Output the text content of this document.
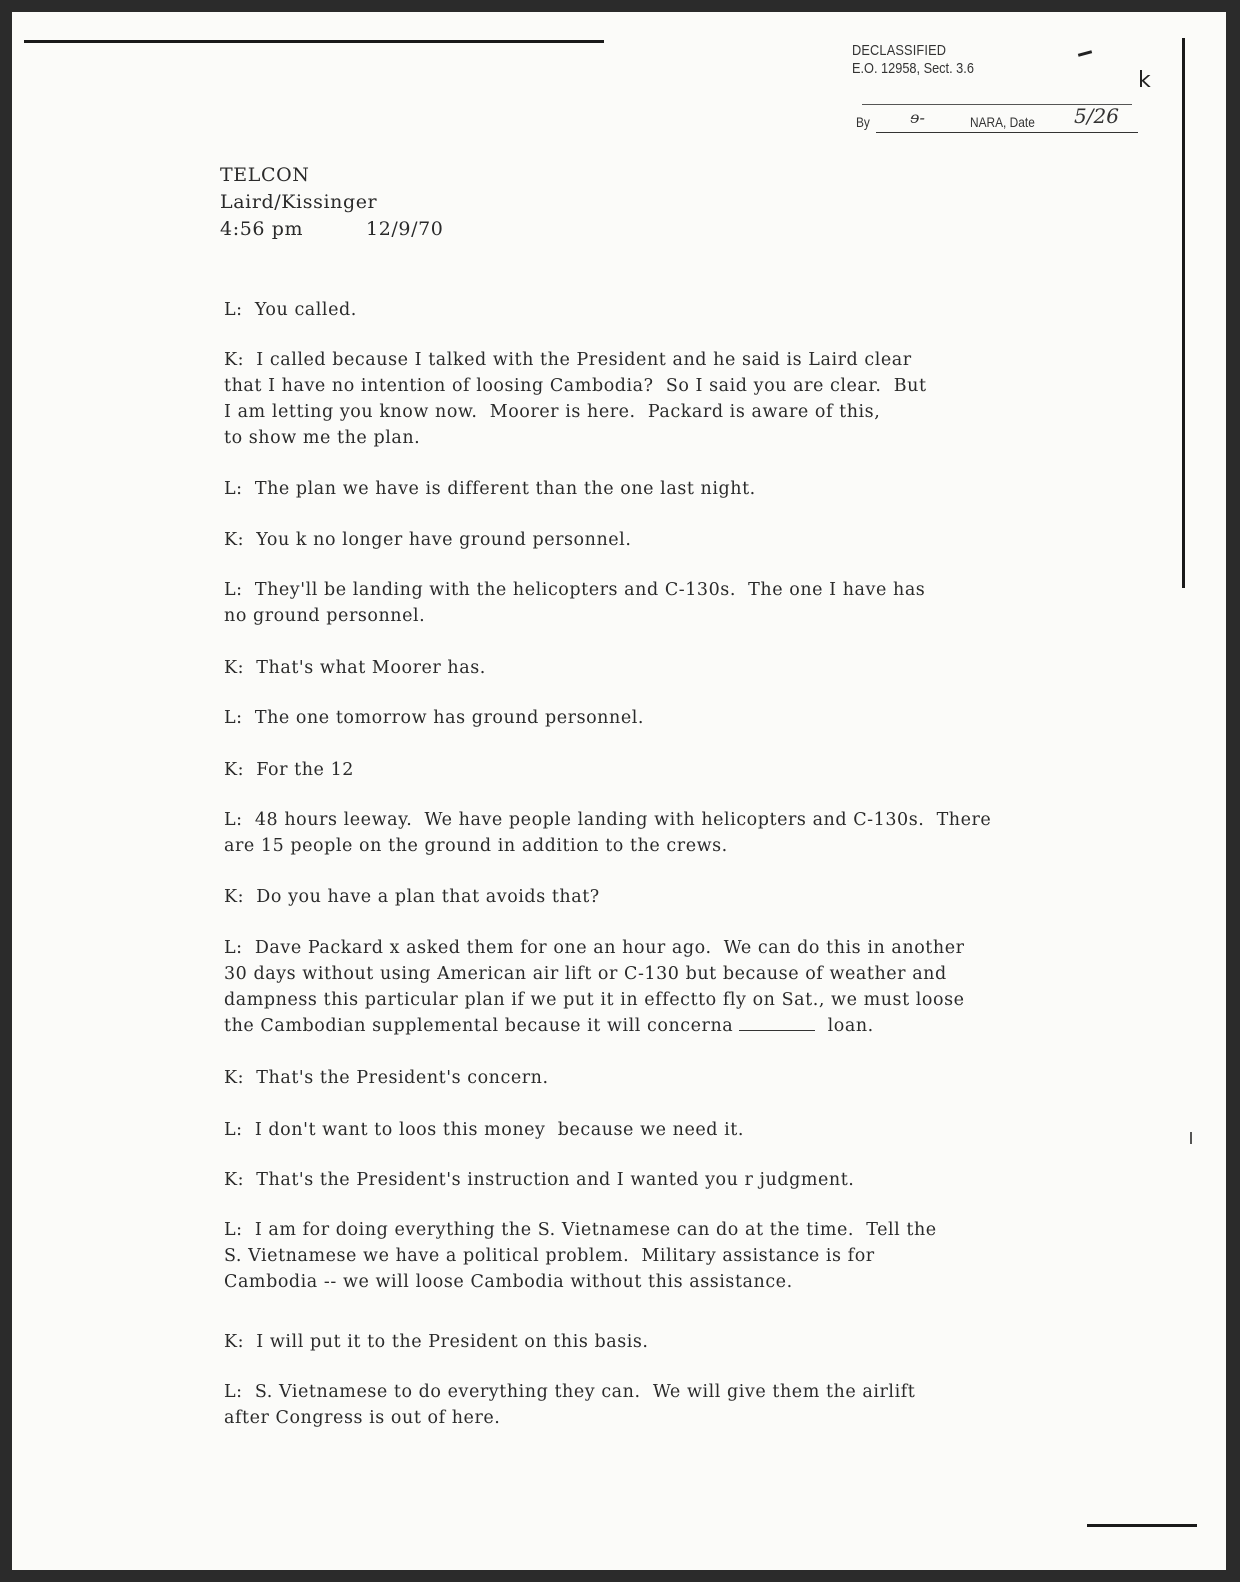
DECLASSIFIED
E.O. 12958, Sect. 3.6
By	ɘ‐	NARA, Date 5/26
k
TELCON
Laird/Kissinger
4:56 pm	12/9/70
L:  You called.
K:  I called because I talked with the President and he said is Laird clear
that I have no intention of loosing Cambodia?  So I said you are clear.  But
I am letting you know now.  Moorer is here.  Packard is aware of this,
to show me the plan.
L:  The plan we have is different than the one last night.
K:  You k no longer have ground personnel.
L:  They'll be landing with the helicopters and C-130s.  The one I have has
no ground personnel.
K:  That's what Moorer has.
L:  The one tomorrow has ground personnel.
K:  For the 12
L:  48 hours leeway.  We have people landing with helicopters and C-130s.  There
are 15 people on the ground in addition to the crews.
K:  Do you have a plan that avoids that?
L:  Dave Packard x asked them for one an hour ago.  We can do this in another
30 days without using American air lift or C-130 but because of weather and
dampness this particular plan if we put it in effectto fly on Sat., we must loose
the Cambodian supplemental because it will concerna	loan.
K:  That's the President's concern.
L:  I don't want to loos this money  because we need it.
K:  That's the President's instruction and I wanted you r judgment.
L:  I am for doing everything the S. Vietnamese can do at the time.  Tell the
S. Vietnamese we have a political problem.  Military assistance is for
Cambodia -- we will loose Cambodia without this assistance.
K:  I will put it to the President on this basis.
L:  S. Vietnamese to do everything they can.  We will give them the airlift
after Congress is out of here.
